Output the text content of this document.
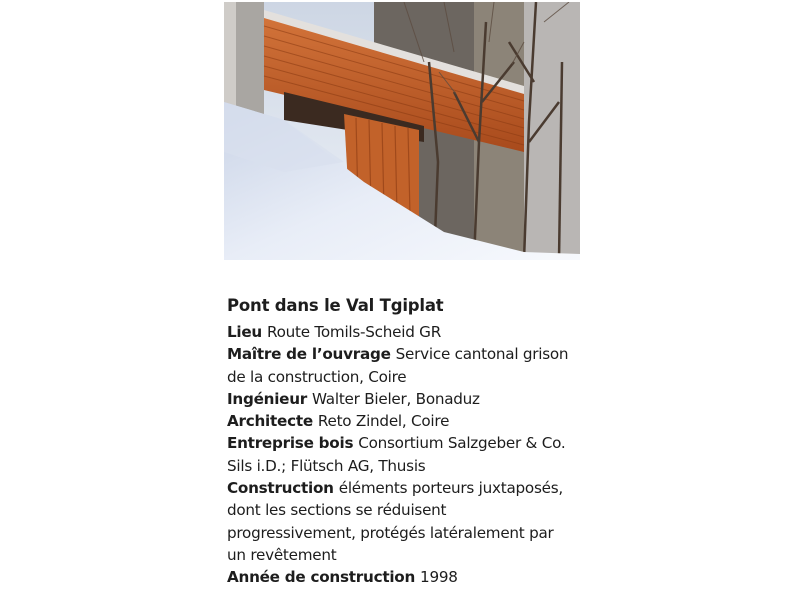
Pont dans le Val Tgiplat

Lieu Route Tomils-Scheid GR

Maître de l’ouvrage Service cantonal grison de la construction, Coire

Ingénieur Walter Bieler, Bonaduz

Architecte Reto Zindel, Coire

Entreprise bois Consortium Salzgeber & Co. Sils i.D.; Flütsch AG, Thusis

Construction éléments porteurs juxtaposés, dont les sections se réduisent progressivement, protégés latéralement par un revêtement

Année de construction 1998
